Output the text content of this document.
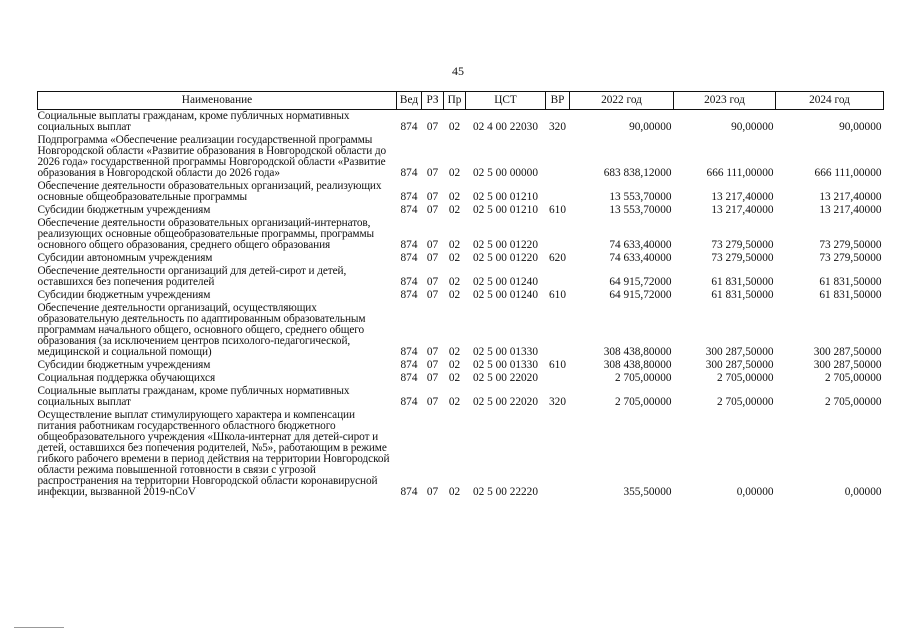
45
Наименование	Вед	РЗ	Пр	ЦСТ	ВР	2022 год	2023 год	2024 год
Социальные выплаты гражданам, кроме публичных нормативных социальных выплат	874	07	02	02 4 00 22030	320	90,00000	90,00000	90,00000
Подпрограмма «Обеспечение реализации государственной программы Новгородской области «Развитие образования в Новгородской области до 2026 года» государственной программы Новгородской области «Развитие образования в Новгородской области до 2026 года»	874	07	02	02 5 00 00000		683 838,12000	666 111,00000	666 111,00000
Обеспечение деятельности образовательных организаций, реализующих основные общеобразовательные программы	874	07	02	02 5 00 01210		13 553,70000	13 217,40000	13 217,40000
Субсидии бюджетным учреждениям	874	07	02	02 5 00 01210	610	13 553,70000	13 217,40000	13 217,40000
Обеспечение деятельности образовательных организаций-интернатов, реализующих основные общеобразовательные программы, программы основного общего образования, среднего общего образования	874	07	02	02 5 00 01220		74 633,40000	73 279,50000	73 279,50000
Субсидии автономным учреждениям	874	07	02	02 5 00 01220	620	74 633,40000	73 279,50000	73 279,50000
Обеспечение деятельности организаций для детей-сирот и детей, оставшихся без попечения родителей	874	07	02	02 5 00 01240		64 915,72000	61 831,50000	61 831,50000
Субсидии бюджетным учреждениям	874	07	02	02 5 00 01240	610	64 915,72000	61 831,50000	61 831,50000
Обеспечение деятельности организаций, осуществляющих образовательную деятельность по адаптированным образовательным программам начального общего, основного общего, среднего общего образования (за исключением центров психолого-педагогической, медицинской и социальной помощи)	874	07	02	02 5 00 01330		308 438,80000	300 287,50000	300 287,50000
Субсидии бюджетным учреждениям	874	07	02	02 5 00 01330	610	308 438,80000	300 287,50000	300 287,50000
Социальная поддержка обучающихся	874	07	02	02 5 00 22020		2 705,00000	2 705,00000	2 705,00000
Социальные выплаты гражданам, кроме публичных нормативных социальных выплат	874	07	02	02 5 00 22020	320	2 705,00000	2 705,00000	2 705,00000
Осуществление выплат стимулирующего характера и компенсации питания работникам государственного областного бюджетного общеобразовательного учреждения «Школа-интернат для детей-сирот и детей, оставшихся без попечения родителей, №5», работающим в режиме гибкого рабочего времени в период действия на территории Новгородской области режима повышенной готовности в связи с угрозой распространения на территории Новгородской области коронавирусной инфекции, вызванной 2019-nCoV	874	07	02	02 5 00 22220		355,50000	0,00000	0,00000
